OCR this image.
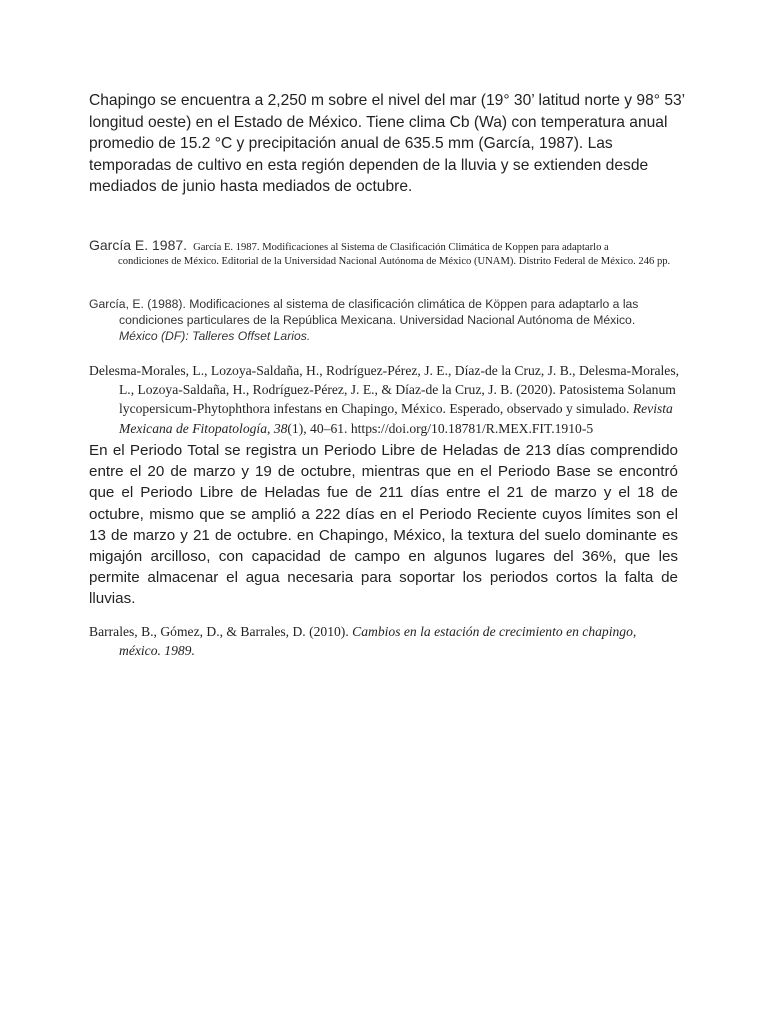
Chapingo se encuentra a 2,250 m sobre el nivel del mar (19° 30’ latitud norte y 98° 53’ longitud oeste) en el Estado de México. Tiene clima Cb (Wa) con temperatura anual promedio de 15.2 °C y precipitación anual de 635.5 mm (García, 1987). Las temporadas de cultivo en esta región dependen de la lluvia y se extienden desde mediados de junio hasta mediados de octubre.

García E. 1987. García E. 1987. Modificaciones al Sistema de Clasificación Climática de Koppen para adaptarlo a
condiciones de México. Editorial de la Universidad Nacional Autónoma de México (UNAM). Distrito Federal de México. 246 pp.

García, E. (1988). Modificaciones al sistema de clasificación climática de Köppen para adaptarlo a las condiciones particulares de la República Mexicana. Universidad Nacional Autónoma de México. México (DF): Talleres Offset Larios.

Delesma-Morales, L., Lozoya-Saldaña, H., Rodríguez-Pérez, J. E., Díaz-de la Cruz, J. B., Delesma-Morales, L., Lozoya-Saldaña, H., Rodríguez-Pérez, J. E., & Díaz-de la Cruz, J. B. (2020). Patosistema Solanum lycopersicum-Phytophthora infestans en Chapingo, México. Esperado, observado y simulado. Revista Mexicana de Fitopatología, 38(1), 40–61. https://doi.org/10.18781/R.MEX.FIT.1910-5

En el Periodo Total se registra un Periodo Libre de Heladas de 213 días comprendido entre el 20 de marzo y 19 de octubre, mientras que en el Periodo Base se encontró que el Periodo Libre de Heladas fue de 211 días entre el 21 de marzo y el 18 de octubre, mismo que se amplió a 222 días en el Periodo Reciente cuyos límites son el 13 de marzo y 21 de octubre. en Chapingo, México, la textura del suelo dominante es migajón arcilloso, con capacidad de campo en algunos lugares del 36%, que les permite almacenar el agua necesaria para soportar los periodos cortos la falta de lluvias.

Barrales, B., Gómez, D., & Barrales, D. (2010). Cambios en la estación de crecimiento en chapingo, méxico. 1989.
